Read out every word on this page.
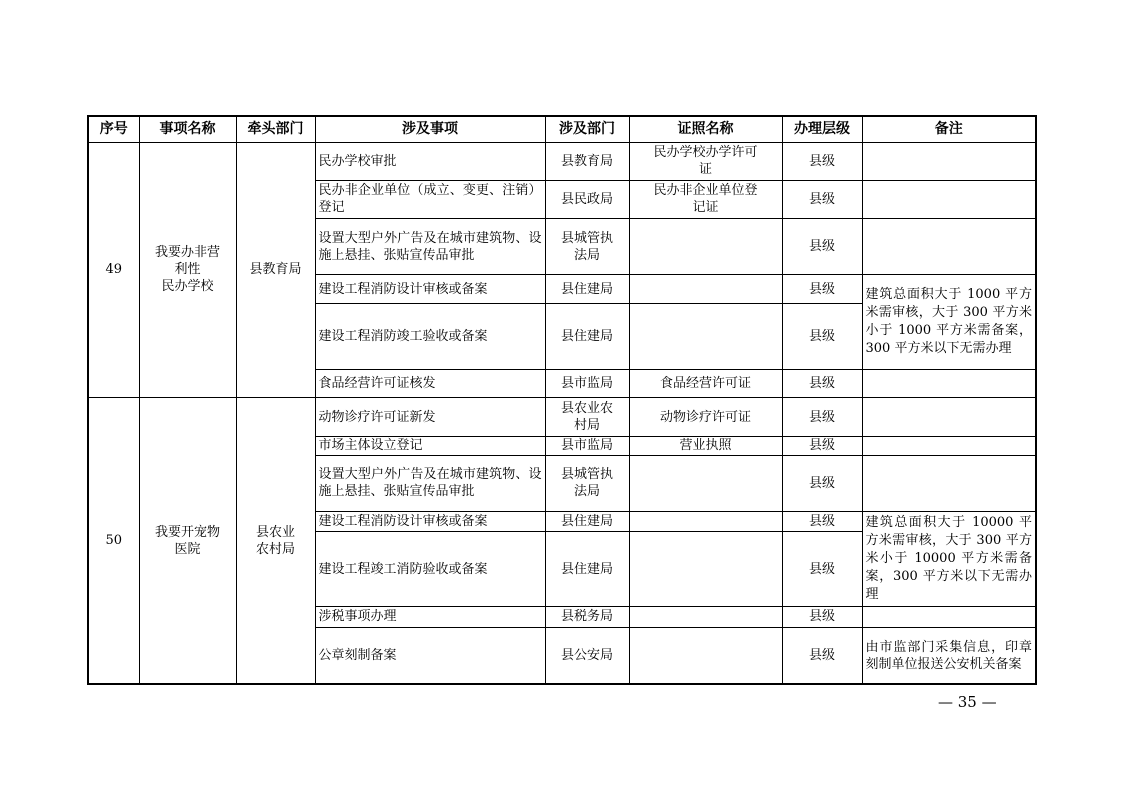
序号	事项名称	牵头部门	涉及事项	涉及部门	证照名称	办理层级	备注
49	我要办非营
利性
民办学校	县教育局	民办学校审批	县教育局	民办学校办学许可
证	县级	
			民办非企业单位（成立、变更、注销）登记	县民政局	民办非企业单位登
记证	县级	
			设置大型户外广告及在城市建筑物、设施上悬挂、张贴宣传品审批	县城管执
法局		县级	
			建设工程消防设计审核或备案	县住建局		县级	建筑总面积大于 1000 平方米需审核，大于 300 平方米小于 1000 平方米需备案，300 平方米以下无需办理
			建设工程消防竣工验收或备案	县住建局		县级	
			食品经营许可证核发	县市监局	食品经营许可证	县级	
50	我要开宠物
医院	县农业
农村局	动物诊疗许可证新发	县农业农
村局	动物诊疗许可证	县级	
			市场主体设立登记	县市监局	营业执照	县级	
			设置大型户外广告及在城市建筑物、设施上悬挂、张贴宣传品审批	县城管执
法局		县级	
			建设工程消防设计审核或备案	县住建局		县级	建筑总面积大于 10000 平方米需审核，大于 300 平方米小于 10000 平方米需备案，300 平方米以下无需办理
			建设工程竣工消防验收或备案	县住建局		县级	
			涉税事项办理	县税务局		县级	
			公章刻制备案	县公安局		县级	由市监部门采集信息，印章刻制单位报送公安机关备案
— 35 —
